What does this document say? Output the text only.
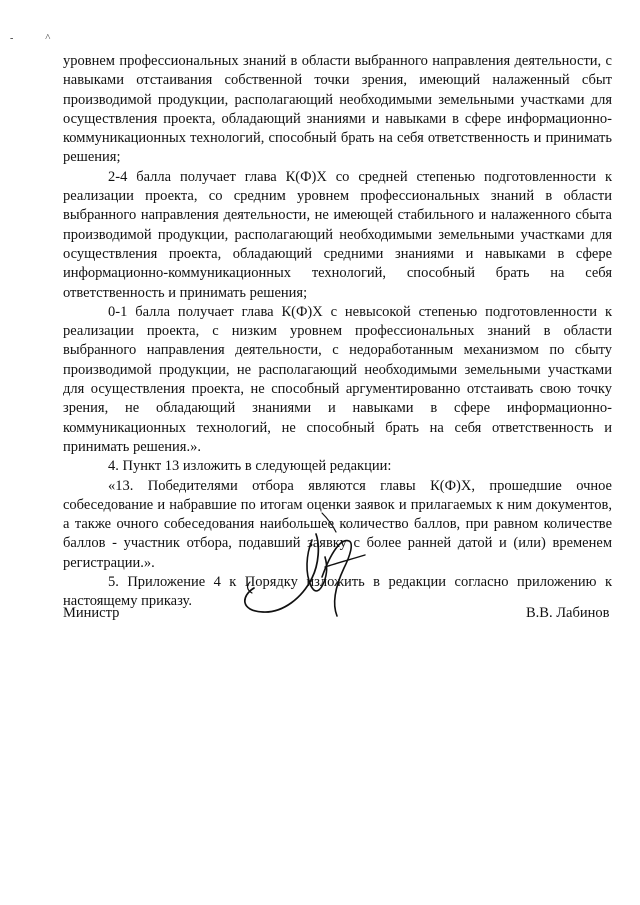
-	˄

уровнем профессиональных знаний в области выбранного направления деятельности, с навыками отстаивания собственной точки зрения, имеющий налаженный сбыт производимой продукции, располагающий необходимыми земельными участками для осуществления проекта, обладающий знаниями и навыками в сфере информационно-коммуникационных технологий, способный брать на себя ответственность и принимать решения;

2-4 балла получает глава К(Ф)Х со средней степенью подготовленности к реализации проекта, со средним уровнем профессиональных знаний в области выбранного направления деятельности, не имеющей стабильного и налаженного сбыта производимой продукции, располагающий необходимыми земельными участками для осуществления проекта, обладающий средними знаниями и навыками в сфере информационно-коммуникационных технологий, способный брать на себя ответственность и принимать решения;

0-1 балла получает глава К(Ф)Х с невысокой степенью подготовленности к реализации проекта, с низким уровнем профессиональных знаний в области выбранного направления деятельности, с недоработанным механизмом по сбыту производимой продукции, не располагающий необходимыми земельными участками для осуществления проекта, не способный аргументированно отстаивать свою точку зрения, не обладающий знаниями и навыками в сфере информационно-коммуникационных технологий, не способный брать на себя ответственность и принимать решения.».

4. Пункт 13 изложить в следующей редакции:

«13. Победителями отбора являются главы К(Ф)Х, прошедшие очное собеседование и набравшие по итогам оценки заявок и прилагаемых к ним документов, а также очного собеседования наибольшее количество баллов, при равном количестве баллов - участник отбора, подавший заявку с более ранней датой и (или) временем регистрации.».

5. Приложение 4 к Порядку изложить в редакции согласно приложению к настоящему приказу.

Министр	В.В. Лабинов
